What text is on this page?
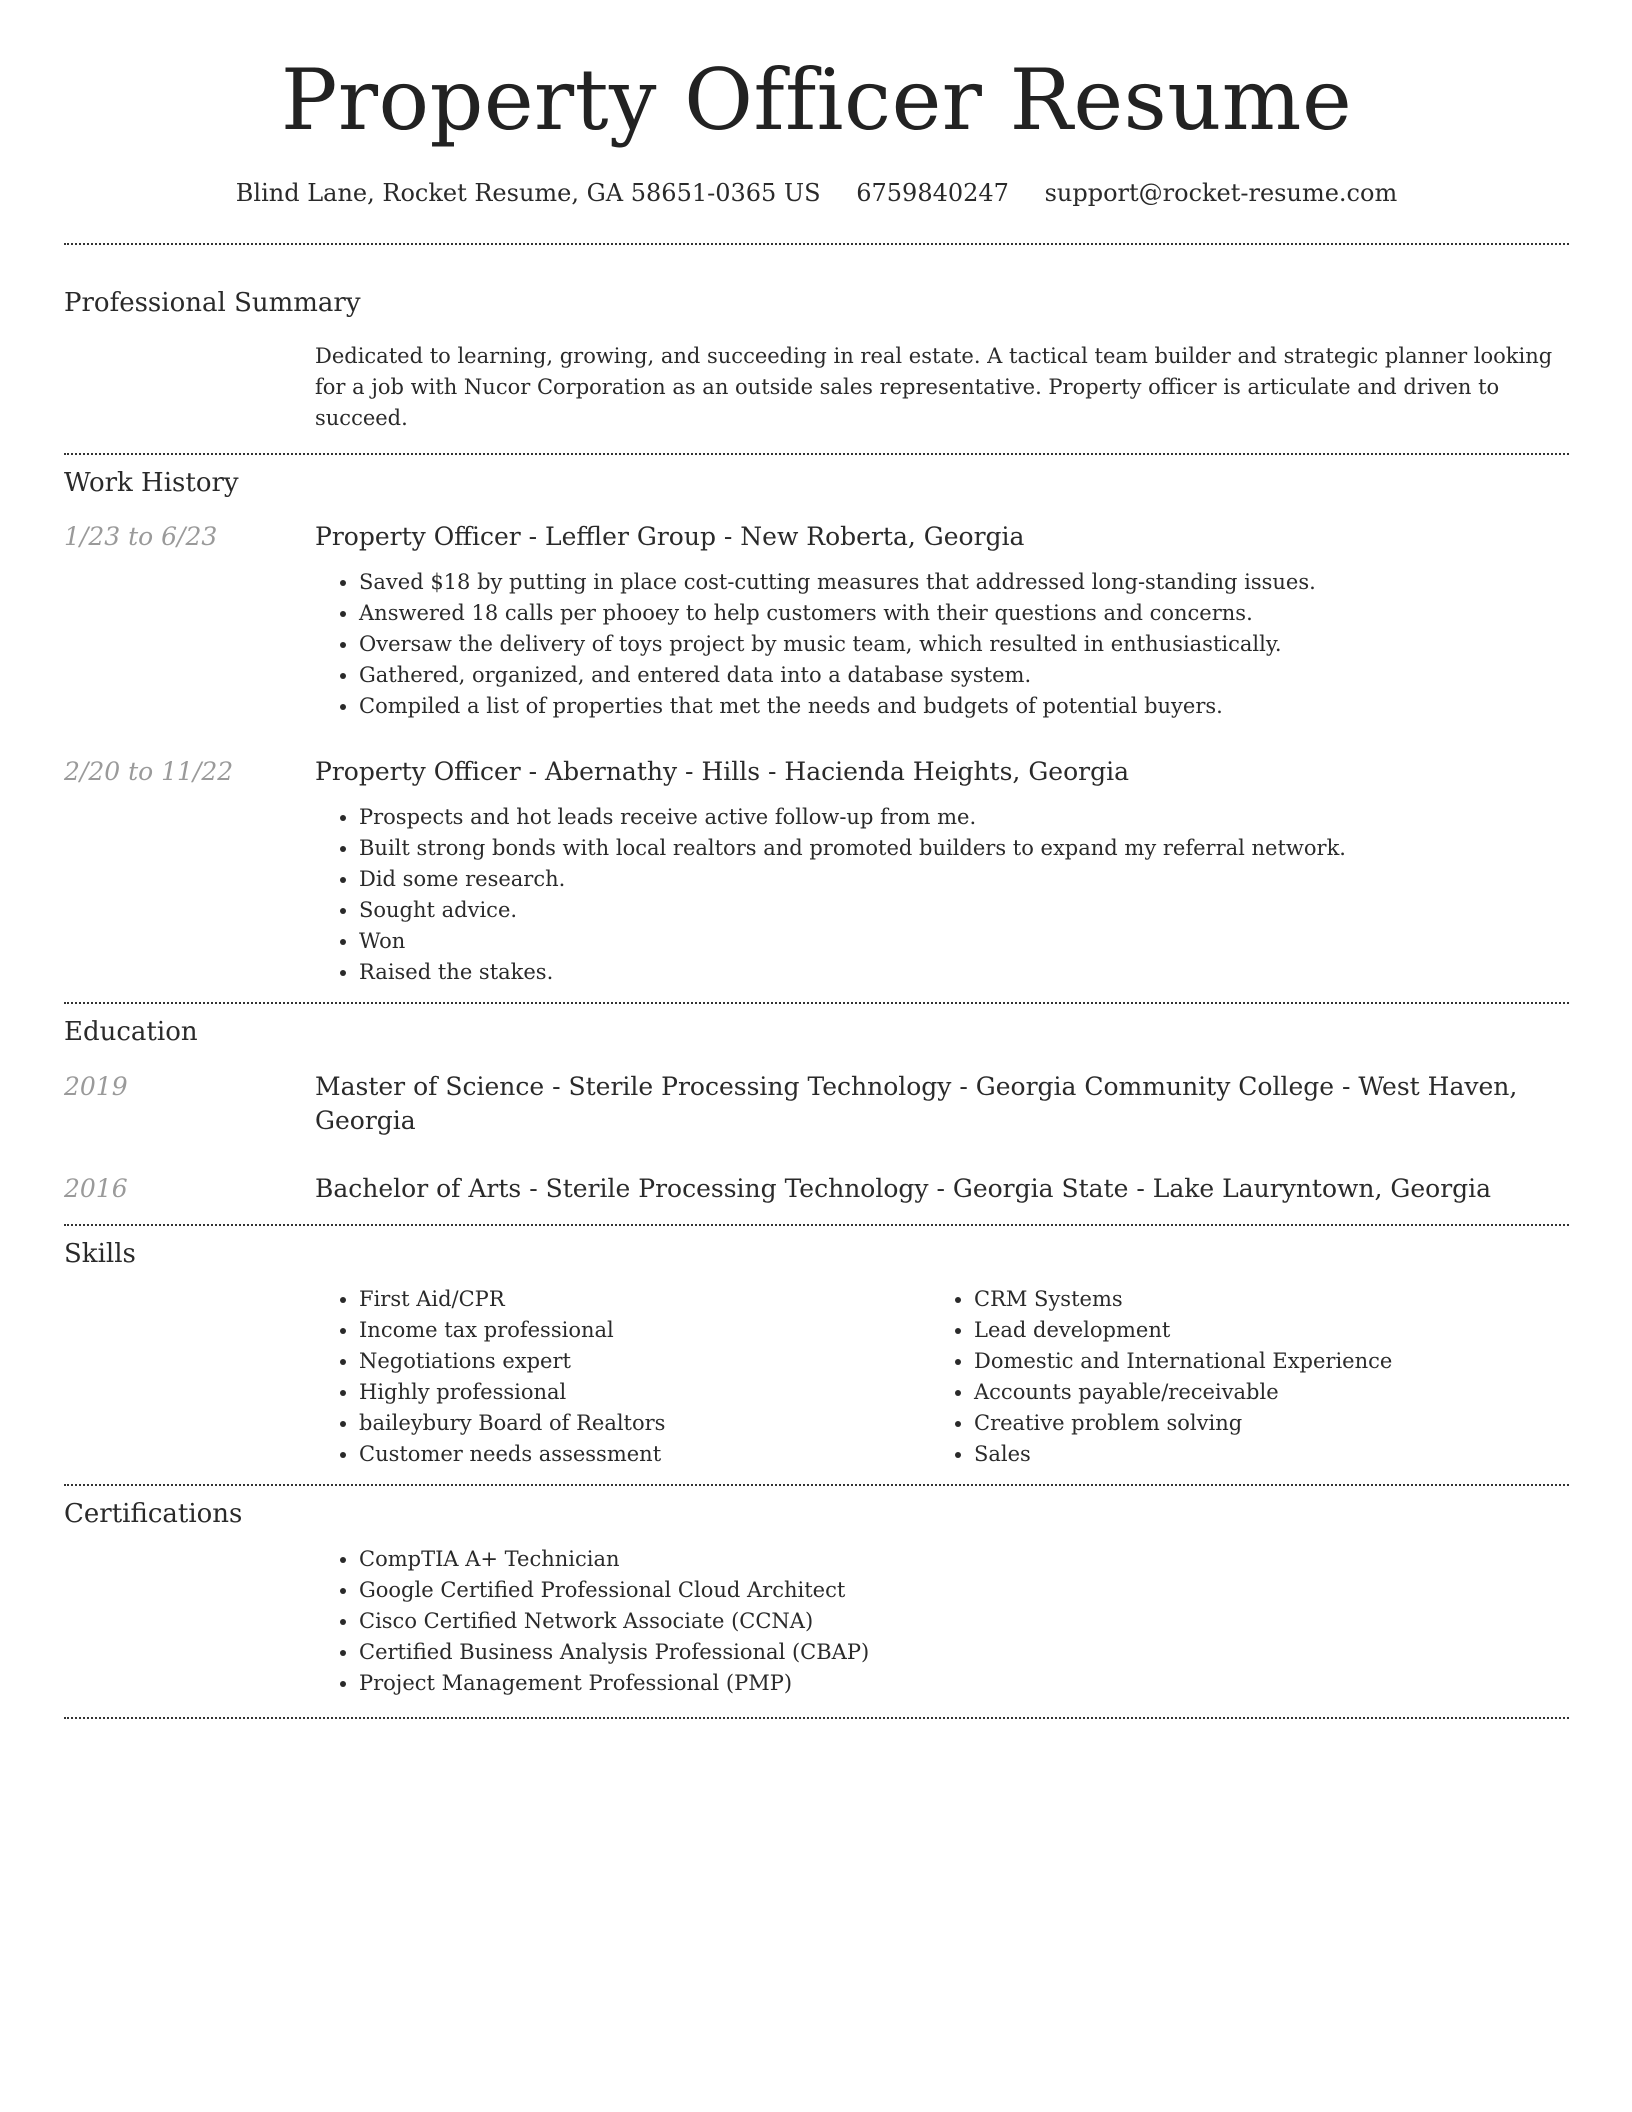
Property Officer Resume
Blind Lane, Rocket Resume, GA 58651-0365 US 6759840247 support@rocket-resume.com
Professional Summary

Dedicated to learning, growing, and succeeding in real estate. A tactical team builder and strategic planner looking for a job with Nucor Corporation as an outside sales representative. Property officer is articulate and driven to succeed.

Work History
1/23 to 6/23	Property Officer - Leffler Group - New Roberta, Georgia
• Saved $18 by putting in place cost-cutting measures that addressed long-standing issues.
• Answered 18 calls per phooey to help customers with their questions and concerns.
• Oversaw the delivery of toys project by music team, which resulted in enthusiastically.
• Gathered, organized, and entered data into a database system.
• Compiled a list of properties that met the needs and budgets of potential buyers.
2/20 to 11/22	Property Officer - Abernathy - Hills - Hacienda Heights, Georgia
• Prospects and hot leads receive active follow-up from me.
• Built strong bonds with local realtors and promoted builders to expand my referral network.
• Did some research.
• Sought advice.
• Won
• Raised the stakes.
Education
2019	Master of Science - Sterile Processing Technology - Georgia Community College - West Haven, Georgia
2016	Bachelor of Arts - Sterile Processing Technology - Georgia State - Lake Lauryntown, Georgia
Skills
• First Aid/CPR
• Income tax professional
• Negotiations expert
• Highly professional
• baileybury Board of Realtors
• Customer needs assessment
• CRM Systems
• Lead development
• Domestic and International Experience
• Accounts payable/receivable
• Creative problem solving
• Sales
Certifications
• CompTIA A+ Technician
• Google Certified Professional Cloud Architect
• Cisco Certified Network Associate (CCNA)
• Certified Business Analysis Professional (CBAP)
• Project Management Professional (PMP)
